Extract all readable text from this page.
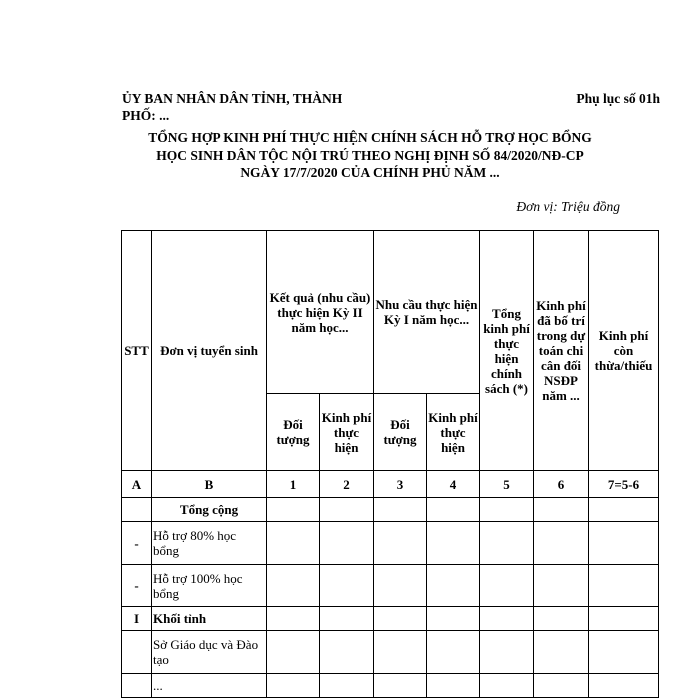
ỦY BAN NHÂN DÂN TỈNH, THÀNH
PHỐ: ...
Phụ lục số 01h
TỔNG HỢP KINH PHÍ THỰC HIỆN CHÍNH SÁCH HỖ TRỢ HỌC BỔNG
HỌC SINH DÂN TỘC NỘI TRÚ THEO NGHỊ ĐỊNH SỐ 84/2020/NĐ-CP
NGÀY 17/7/2020 CỦA CHÍNH PHỦ NĂM ...
Đơn vị: Triệu đồng
STT	Đơn vị tuyển sinh	Kết quả (nhu cầu) thực hiện Kỳ II năm học...		Nhu cầu thực hiện Kỳ I năm học...		Tổng kinh phí thực hiện chính sách (*)	Kinh phí đã bố trí trong dự toán chi cân đối NSĐP năm ...	Kinh phí còn thừa/thiếu
		Đối tượng	Kinh phí thực hiện	Đối tượng	Kinh phí thực hiện			
A	B	1	2	3	4	5	6	7=5-6
	Tổng cộng							
-	Hỗ trợ 80% học bổng							
-	Hỗ trợ 100% học bổng							
I	Khối tỉnh							
	Sở Giáo dục và Đào tạo							
	...							
